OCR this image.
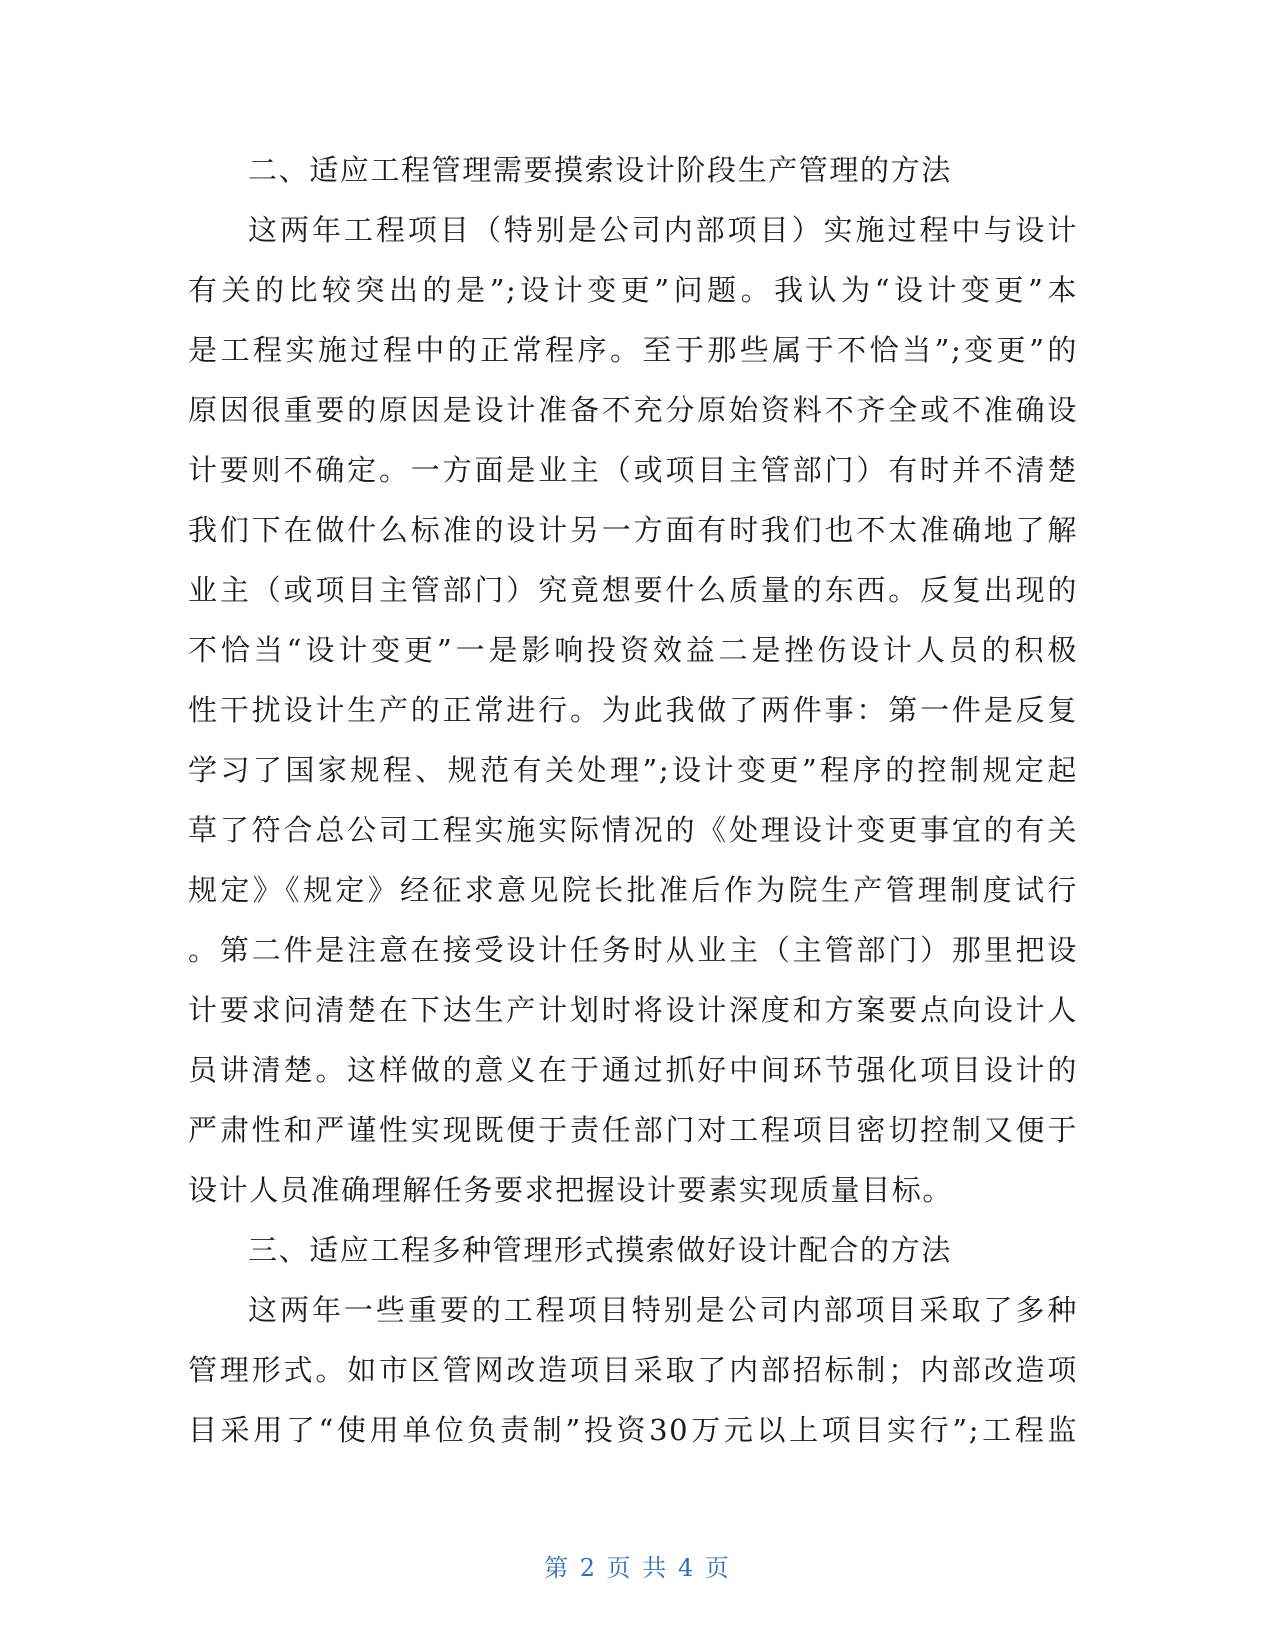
二、适应工程管理需要摸索设计阶段生产管理的方法
这两年工程项目（特别是公司内部项目）实施过程中与设计
有关的比较突出的是”;设计变更”问题。我认为“设计变更”本
是工程实施过程中的正常程序。至于那些属于不恰当”;变更”的
原因很重要的原因是设计准备不充分原始资料不齐全或不准确设
计要则不确定。一方面是业主（或项目主管部门）有时并不清楚
我们下在做什么标准的设计另一方面有时我们也不太准确地了解
业主（或项目主管部门）究竟想要什么质量的东西。反复出现的
不恰当“设计变更”一是影响投资效益二是挫伤设计人员的积极
性干扰设计生产的正常进行。为此我做了两件事：第一件是反复
学习了国家规程、规范有关处理”;设计变更”程序的控制规定起
草了符合总公司工程实施实际情况的《处理设计变更事宜的有关
规定》《规定》经征求意见院长批准后作为院生产管理制度试行
。第二件是注意在接受设计任务时从业主（主管部门）那里把设
计要求问清楚在下达生产计划时将设计深度和方案要点向设计人
员讲清楚。这样做的意义在于通过抓好中间环节强化项目设计的
严肃性和严谨性实现既便于责任部门对工程项目密切控制又便于
设计人员准确理解任务要求把握设计要素实现质量目标。
三、适应工程多种管理形式摸索做好设计配合的方法
这两年一些重要的工程项目特别是公司内部项目采取了多种
管理形式。如市区管网改造项目采取了内部招标制；内部改造项
目采用了“使用单位负责制”投资30万元以上项目实行”;工程监
第 2 页 共 4 页
